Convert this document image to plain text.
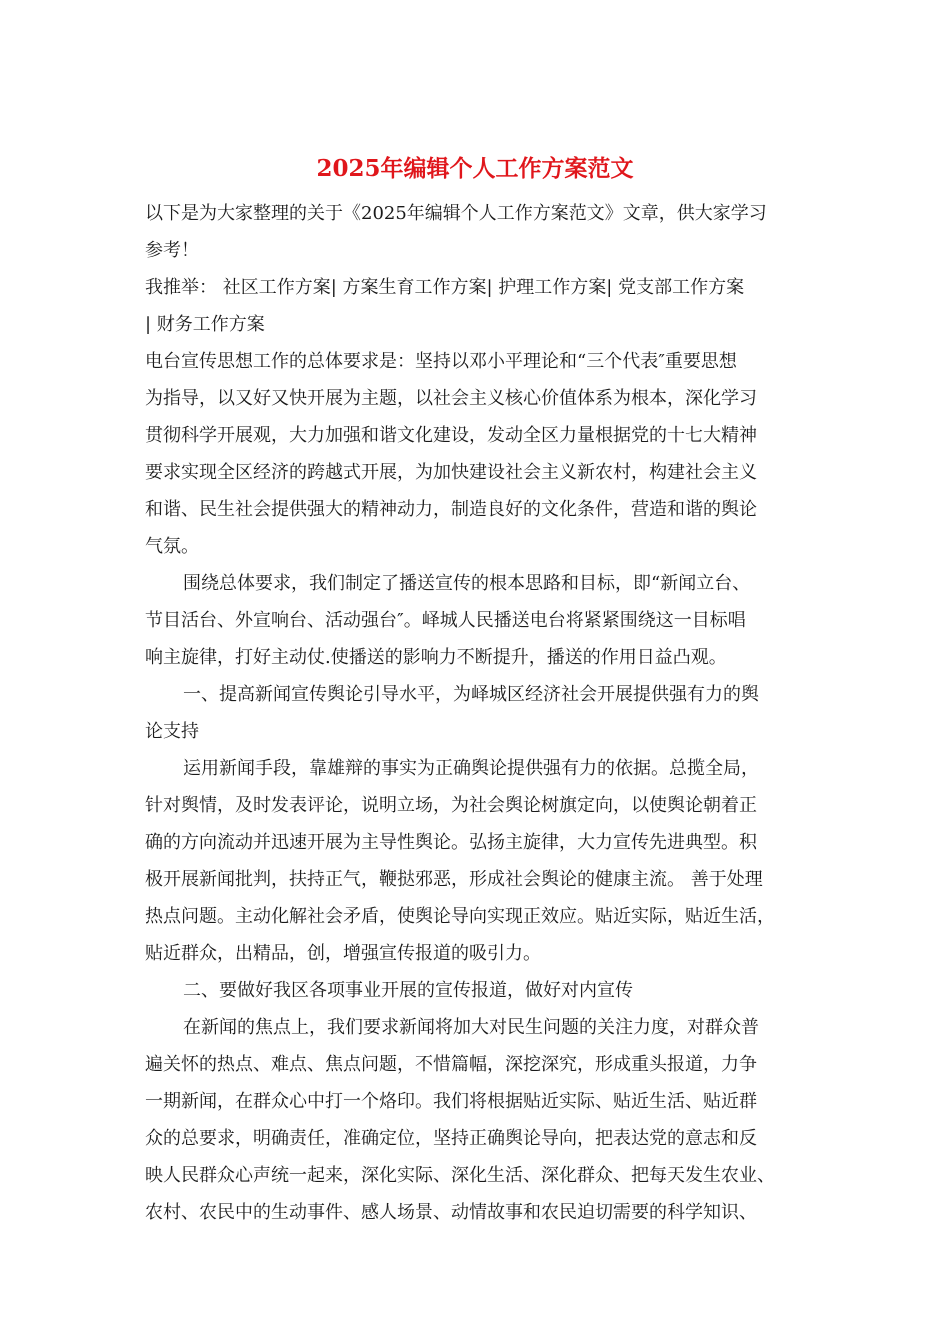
2025年编辑个人工作方案范文
以下是为大家整理的关于《2025年编辑个人工作方案范文》文章，供大家学习
参考！
我推举： 社区工作方案| 方案生育工作方案| 护理工作方案| 党支部工作方案
| 财务工作方案
电台宣传思想工作的总体要求是：坚持以邓小平理论和“三个代表″重要思想
为指导，以又好又快开展为主题，以社会主义核心价值体系为根本，深化学习
贯彻科学开展观，大力加强和谐文化建设，发动全区力量根据党的十七大精神
要求实现全区经济的跨越式开展，为加快建设社会主义新农村，构建社会主义
和谐、民生社会提供强大的精神动力，制造良好的文化条件，营造和谐的舆论
气氛。
围绕总体要求，我们制定了播送宣传的根本思路和目标，即“新闻立台、
节目活台、外宣响台、活动强台″。峄城人民播送电台将紧紧围绕这一目标唱
响主旋律，打好主动仗.使播送的影响力不断提升，播送的作用日益凸观。
一、提高新闻宣传舆论引导水平，为峄城区经济社会开展提供强有力的舆
论支持
运用新闻手段，靠雄辩的事实为正确舆论提供强有力的依据。总揽全局，
针对舆情，及时发表评论，说明立场，为社会舆论树旗定向，以使舆论朝着正
确的方向流动并迅速开展为主导性舆论。弘扬主旋律，大力宣传先进典型。积
极开展新闻批判，扶持正气，鞭挞邪恶，形成社会舆论的健康主流。 善于处理
热点问题。主动化解社会矛盾，使舆论导向实现正效应。贴近实际，贴近生活，
贴近群众，出精品，创，增强宣传报道的吸引力。
二、要做好我区各项事业开展的宣传报道，做好对内宣传
在新闻的焦点上，我们要求新闻将加大对民生问题的关注力度，对群众普
遍关怀的热点、难点、焦点问题，不惜篇幅，深挖深究，形成重头报道，力争
一期新闻，在群众心中打一个烙印。我们将根据贴近实际、贴近生活、贴近群
众的总要求，明确责任，准确定位，坚持正确舆论导向，把表达党的意志和反
映人民群众心声统一起来，深化实际、深化生活、深化群众、把每天发生农业、
农村、农民中的生动事件、感人场景、动情故事和农民迫切需要的科学知识、
